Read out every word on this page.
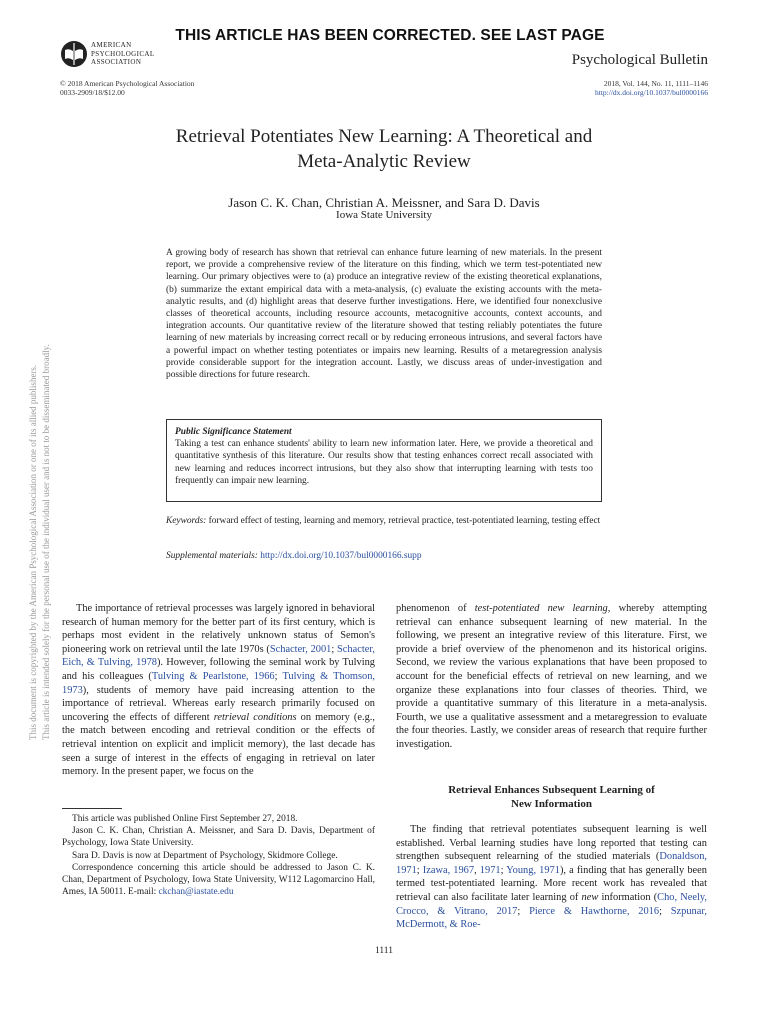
THIS ARTICLE HAS BEEN CORRECTED. SEE LAST PAGE
AMERICAN
PSYCHOLOGICAL
ASSOCIATION	Psychological Bulletin
© 2018 American Psychological Association
0033-2909/18/$12.00
2018, Vol. 144, No. 11, 1111–1146
http://dx.doi.org/10.1037/bul0000166
Retrieval Potentiates New Learning: A Theoretical and
Meta-Analytic Review
Jason C. K. Chan, Christian A. Meissner, and Sara D. Davis
Iowa State University
A growing body of research has shown that retrieval can enhance future learning of new materials. In the present report, we provide a comprehensive review of the literature on this finding, which we term test-potentiated new learning. Our primary objectives were to (a) produce an integrative review of the existing theoretical explanations, (b) summarize the extant empirical data with a meta-analysis, (c) evaluate the existing accounts with the meta-analytic results, and (d) highlight areas that deserve further investigations. Here, we identified four nonexclusive classes of theoretical accounts, including resource accounts, metacognitive accounts, context accounts, and integration accounts. Our quantitative review of the literature showed that testing reliably potentiates the future learning of new materials by increasing correct recall or by reducing erroneous intrusions, and several factors have a powerful impact on whether testing potentiates or impairs new learning. Results of a metaregression analysis provide considerable support for the integration account. Lastly, we discuss areas of under-investigation and possible directions for future research.
Public Significance Statement
Taking a test can enhance students' ability to learn new information later. Here, we provide a theoretical and quantitative synthesis of this literature. Our results show that testing enhances correct recall associated with new learning and reduces incorrect intrusions, but they also show that interrupting learning with tests too frequently can impair new learning.
Keywords: forward effect of testing, learning and memory, retrieval practice, test-potentiated learning, testing effect
Supplemental materials: http://dx.doi.org/10.1037/bul0000166.supp
The importance of retrieval processes was largely ignored in behavioral research of human memory for the better part of its first century, which is perhaps most evident in the relatively unknown status of Semon's pioneering work on retrieval until the late 1970s (Schacter, 2001; Schacter, Eich, & Tulving, 1978). However, following the seminal work by Tulving and his colleagues (Tulving & Pearlstone, 1966; Tulving & Thomson, 1973), students of memory have paid increasing attention to the importance of retrieval. Whereas early research primarily focused on uncovering the effects of different retrieval conditions on memory (e.g., the match between encoding and retrieval condition or the effects of retrieval intention on explicit and implicit memory), the last decade has seen a surge of interest in the effects of engaging in retrieval on later memory. In the present paper, we focus on the
phenomenon of test-potentiated new learning, whereby attempting retrieval can enhance subsequent learning of new material. In the following, we present an integrative review of this literature. First, we provide a brief overview of the phenomenon and its historical origins. Second, we review the various explanations that have been proposed to account for the beneficial effects of retrieval on new learning, and we organize these explanations into four classes of theories. Third, we provide a quantitative summary of this literature in a meta-analysis. Fourth, we use a qualitative assessment and a metaregression to evaluate the four theories. Lastly, we consider areas of research that require further investigation.
Retrieval Enhances Subsequent Learning of
New Information
The finding that retrieval potentiates subsequent learning is well established. Verbal learning studies have long reported that testing can strengthen subsequent relearning of the studied materials (Donaldson, 1971; Izawa, 1967, 1971; Young, 1971), a finding that has generally been termed test-potentiated learning. More recent work has revealed that retrieval can also facilitate later learning of new information (Cho, Neely, Crocco, & Vitrano, 2017; Pierce & Hawthorne, 2016; Szpunar, McDermott, & Roe-

This article was published Online First September 27, 2018.

Jason C. K. Chan, Christian A. Meissner, and Sara D. Davis, Department of Psychology, Iowa State University.

Sara D. Davis is now at Department of Psychology, Skidmore College.

Correspondence concerning this article should be addressed to Jason C. K. Chan, Department of Psychology, Iowa State University, W112 Lagomarcino Hall, Ames, IA 50011. E-mail: ckchan@iastate.edu

1111
This document is copyrighted by the American Psychological Association or one of its allied publishers. This article is intended solely for the personal use of the individual user and is not to be disseminated broadly.
